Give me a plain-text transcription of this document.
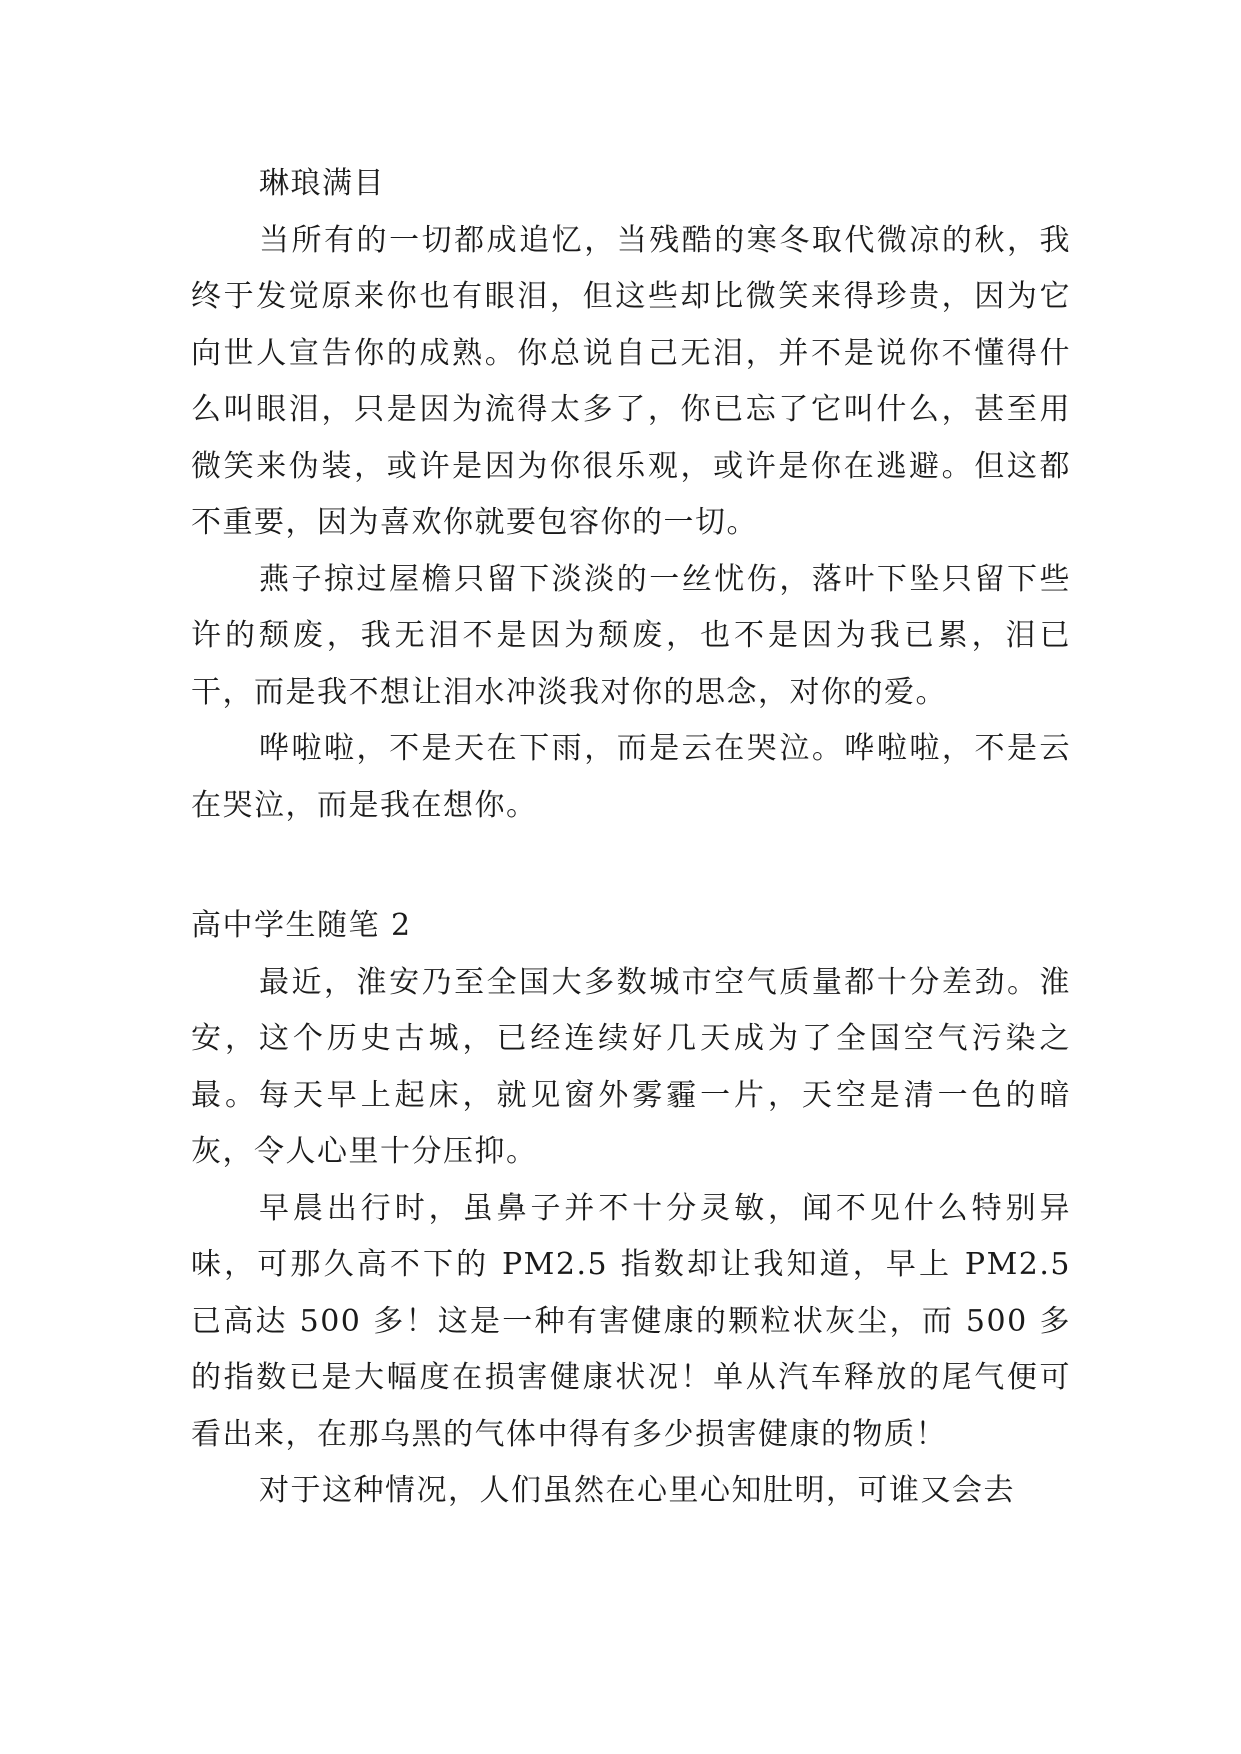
琳琅满目

当所有的一切都成追忆，当残酷的寒冬取代微凉的秋，我终于发觉原来你也有眼泪，但这些却比微笑来得珍贵，因为它向世人宣告你的成熟。你总说自己无泪，并不是说你不懂得什么叫眼泪，只是因为流得太多了，你已忘了它叫什么，甚至用微笑来伪装，或许是因为你很乐观，或许是你在逃避。但这都不重要，因为喜欢你就要包容你的一切。

燕子掠过屋檐只留下淡淡的一丝忧伤，落叶下坠只留下些许的颓废，我无泪不是因为颓废，也不是因为我已累，泪已干，而是我不想让泪水冲淡我对你的思念，对你的爱。

哗啦啦，不是天在下雨，而是云在哭泣。哗啦啦，不是云在哭泣，而是我在想你。

高中学生随笔 2

最近，淮安乃至全国大多数城市空气质量都十分差劲。淮安，这个历史古城，已经连续好几天成为了全国空气污染之最。每天早上起床，就见窗外雾霾一片，天空是清一色的暗灰，令人心里十分压抑。

早晨出行时，虽鼻子并不十分灵敏，闻不见什么特别异味，可那久高不下的 PM2.5 指数却让我知道，早上 PM2.5 已高达 500 多！这是一种有害健康的颗粒状灰尘，而 500 多的指数已是大幅度在损害健康状况！单从汽车释放的尾气便可看出来，在那乌黑的气体中得有多少损害健康的物质！

对于这种情况，人们虽然在心里心知肚明，可谁又会去
